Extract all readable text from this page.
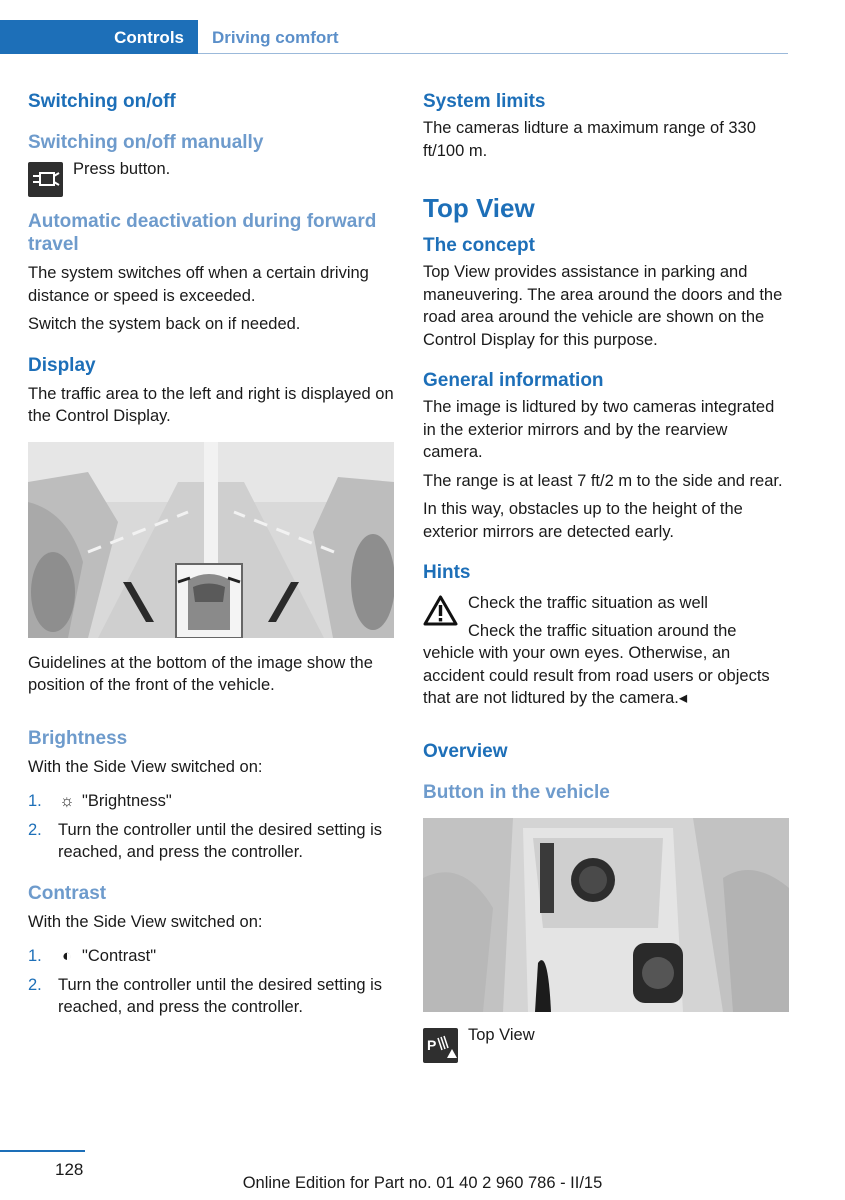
Controls	Driving comfort
Switching on/off
Switching on/off manually
Press button.
Automatic deactivation during forward travel

The system switches off when a certain driving distance or speed is exceeded.

Switch the system back on if needed.

Display

The traffic area to the left and right is displayed on the Control Display.

Guidelines at the bottom of the image show the position of the front of the vehicle.

Brightness

With the Side View switched on:

1. ☼ "Brightness"
2. Turn the controller until the desired setting is reached, and press the controller.
Contrast

With the Side View switched on:

1. ◐ "Contrast"
2. Turn the controller until the desired setting is reached, and press the controller.
System limits

The cameras lidture a maximum range of 330 ft/100 m.

Top View
The concept

Top View provides assistance in parking and maneuvering. The area around the doors and the road area around the vehicle are shown on the Control Display for this purpose.

General information

The image is lidtured by two cameras integrated in the exterior mirrors and by the rearview camera.

The range is at least 7 ft/2 m to the side and rear.

In this way, obstacles up to the height of the exterior mirrors are detected early.

Hints

Check the traffic situation as well

Check the traffic situation around the vehicle with your own eyes. Otherwise, an accident could result from road users or objects that are not lidtured by the camera.◂

Overview
Button in the vehicle
P
Top View
128
Online Edition for Part no. 01 40 2 960 786 - II/15
